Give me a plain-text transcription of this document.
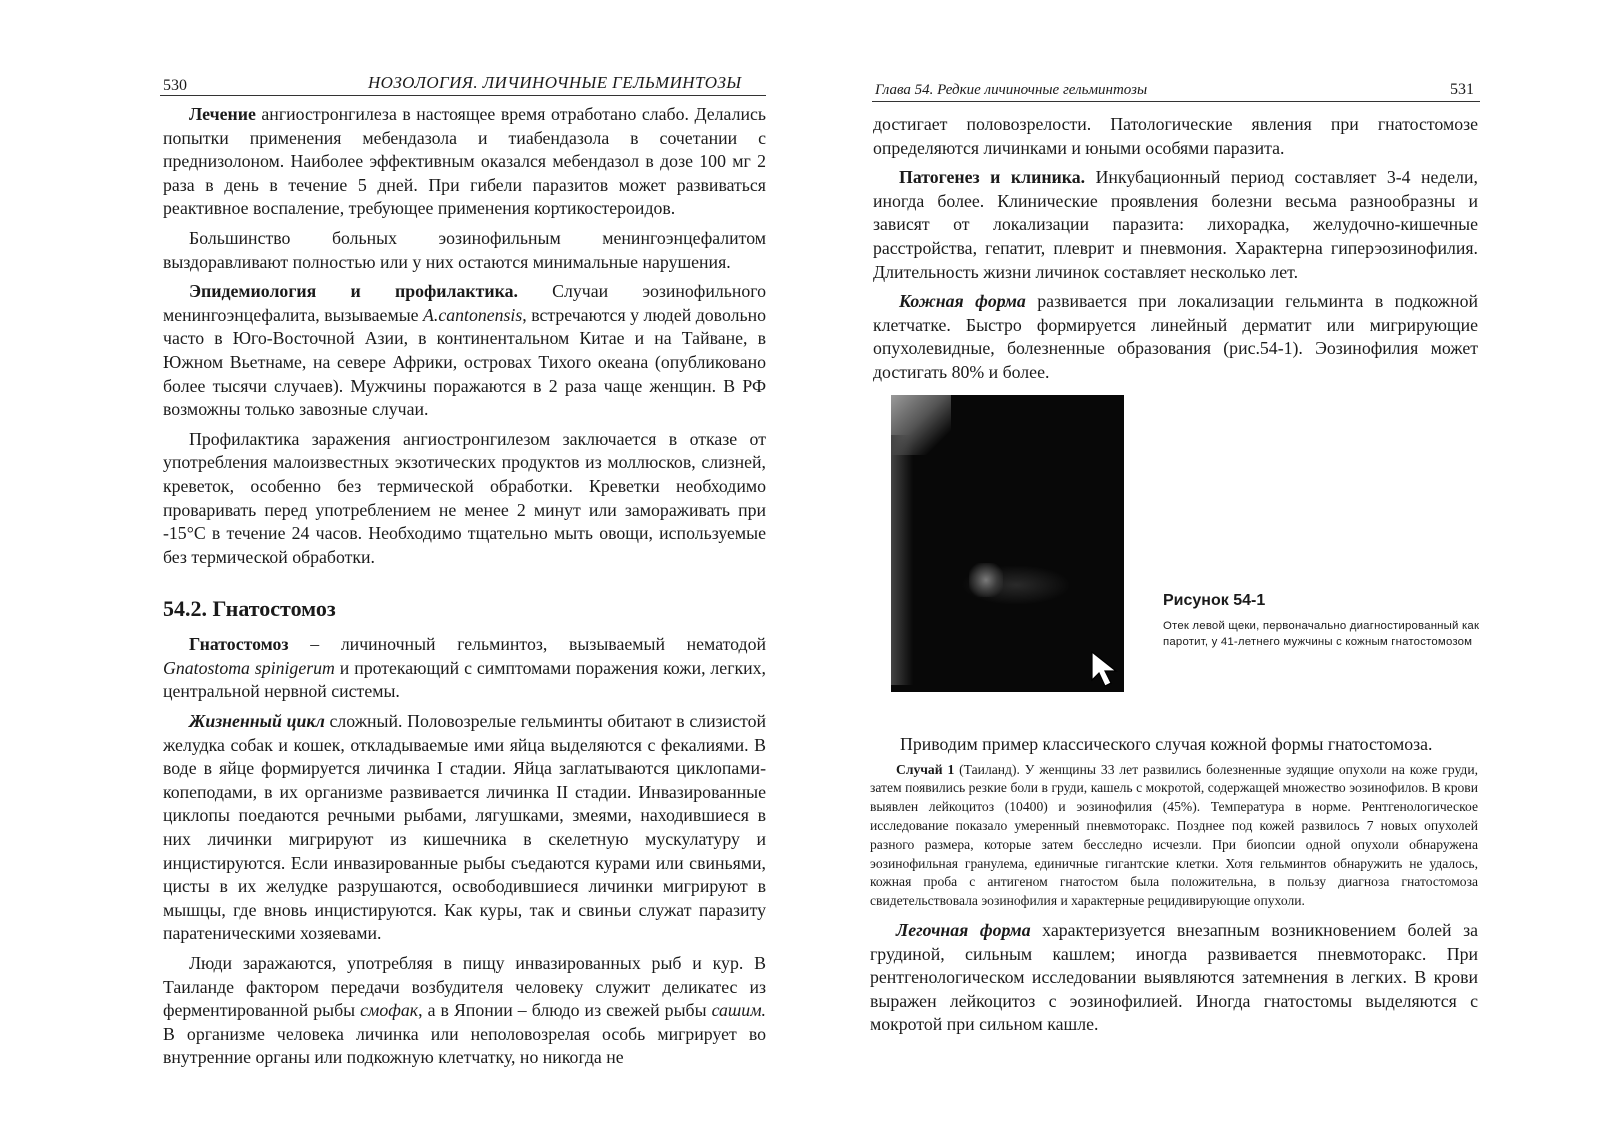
530	НОЗОЛОГИЯ. ЛИЧИНОЧНЫЕ ГЕЛЬМИНТОЗЫ

Лечение ангиостронгилеза в настоящее время отработано слабо. Делались попытки применения мебендазола и тиабендазола в сочетании с преднизолоном. Наиболее эффективным оказался мебендазол в дозе 100 мг 2 раза в день в течение 5 дней. При гибели паразитов может развиваться реактивное воспаление, требующее применения кортикостероидов.

Большинство больных эозинофильным менингоэнцефалитом выздоравливают полностью или у них остаются минимальные нарушения.

Эпидемиология и профилактика. Случаи эозинофильного менингоэнцефалита, вызываемые A.cantonensis, встречаются у людей довольно часто в Юго-Восточной Азии, в континентальном Китае и на Тайване, в Южном Вьетнаме, на севере Африки, островах Тихого океана (опубликовано более тысячи случаев). Мужчины поражаются в 2 раза чаще женщин. В РФ возможны только завозные случаи.

Профилактика заражения ангиостронгилезом заключается в отказе от употребления малоизвестных экзотических продуктов из моллюсков, слизней, креветок, особенно без термической обработки. Креветки необходимо проваривать перед употреблением не менее 2 минут или замораживать при -15°С в течение 24 часов. Необходимо тщательно мыть овощи, используемые без термической обработки.

54.2. Гнатостомоз

Гнатостомоз – личиночный гельминтоз, вызываемый нематодой Gnatostoma spinigerum и протекающий с симптомами поражения кожи, легких, центральной нервной системы.

Жизненный цикл сложный. Половозрелые гельминты обитают в слизистой желудка собак и кошек, откладываемые ими яйца выделяются с фекалиями. В воде в яйце формируется личинка I стадии. Яйца заглатываются циклопами-копеподами, в их организме развивается личинка II стадии. Инвазированные циклопы поедаются речными рыбами, лягушками, змеями, находившиеся в них личинки мигрируют из кишечника в скелетную мускулатуру и инцистируются. Если инвазированные рыбы съедаются курами или свиньями, цисты в их желудке разрушаются, освободившиеся личинки мигрируют в мышцы, где вновь инцистируются. Как куры, так и свиньи служат паразиту паратеническими хозяевами.

Люди заражаются, употребляя в пищу инвазированных рыб и кур. В Таиланде фактором передачи возбудителя человеку служит деликатес из ферментированной рыбы смофак, а в Японии – блюдо из свежей рыбы сашим. В организме человека личинка или неполовозрелая особь мигрирует во внутренние органы или подкожную клетчатку, но никогда не

Глава 54. Редкие личиночные гельминтозы	531

достигает половозрелости. Патологические явления при гнатостомозе определяются личинками и юными особями паразита.

Патогенез и клиника. Инкубационный период составляет 3-4 недели, иногда более. Клинические проявления болезни весьма разнообразны и зависят от локализации паразита: лихорадка, желудочно-кишечные расстройства, гепатит, плеврит и пневмония. Характерна гиперэозинофилия. Длительность жизни личинок составляет несколько лет.

Кожная форма развивается при локализации гельминта в подкожной клетчатке. Быстро формируется линейный дерматит или мигрирующие опухолевидные, болезненные образования (рис.54-1). Эозинофилия может достигать 80% и более.

Рисунок 54-1
Отек левой щеки, первоначально диагностированный как паротит, у 41-летнего мужчины с кожным гнатостомозом

Приводим пример классического случая кожной формы гнатостомоза.

Случай 1 (Таиланд). У женщины 33 лет развились болезненные зудящие опухоли на коже груди, затем появились резкие боли в груди, кашель с мокротой, содержащей множество эозинофилов. В крови выявлен лейкоцитоз (10400) и эозинофилия (45%). Температура в норме. Рентгенологическое исследование показало умеренный пневмоторакс. Позднее под кожей развилось 7 новых опухолей разного размера, которые затем бесследно исчезли. При биопсии одной опухоли обнаружена эозинофильная гранулема, единичные гигантские клетки. Хотя гельминтов обнаружить не удалось, кожная проба с антигеном гнатостом была положительна, в пользу диагноза гнатостомоза свидетельствовала эозинофилия и характерные рецидивирующие опухоли.

Легочная форма характеризуется внезапным возникновением болей за грудиной, сильным кашлем; иногда развивается пневмоторакс. При рентгенологическом исследовании выявляются затемнения в легких. В крови выражен лейкоцитоз с эозинофилией. Иногда гнатостомы выделяются с мокротой при сильном кашле.
